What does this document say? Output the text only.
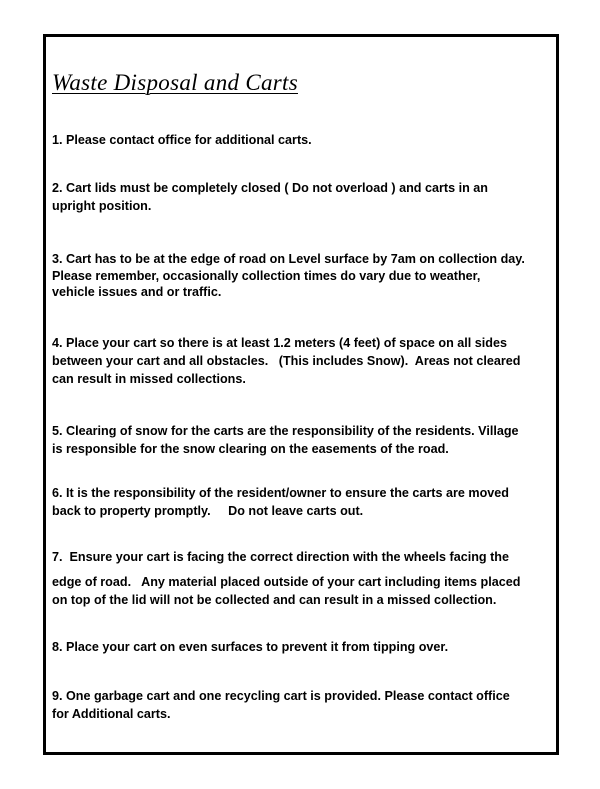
Waste Disposal and Carts
1. Please contact office for additional carts.
2. Cart lids must be completely closed ( Do not overload ) and carts in an
upright position.
3. Cart has to be at the edge of road on Level surface by 7am on collection day.
Please remember, occasionally collection times do vary due to weather,
vehicle issues and or traffic.
4. Place your cart so there is at least 1.2 meters (4 feet) of space on all sides
between your cart and all obstacles.   (This includes Snow).  Areas not cleared
can result in missed collections.
5. Clearing of snow for the carts are the responsibility of the residents. Village
is responsible for the snow clearing on the easements of the road.
6. It is the responsibility of the resident/owner to ensure the carts are moved
back to property promptly.     Do not leave carts out.
7.  Ensure your cart is facing the correct direction with the wheels facing the
edge of road.   Any material placed outside of your cart including items placed
on top of the lid will not be collected and can result in a missed collection.
8. Place your cart on even surfaces to prevent it from tipping over.
9. One garbage cart and one recycling cart is provided. Please contact office
for Additional carts.
